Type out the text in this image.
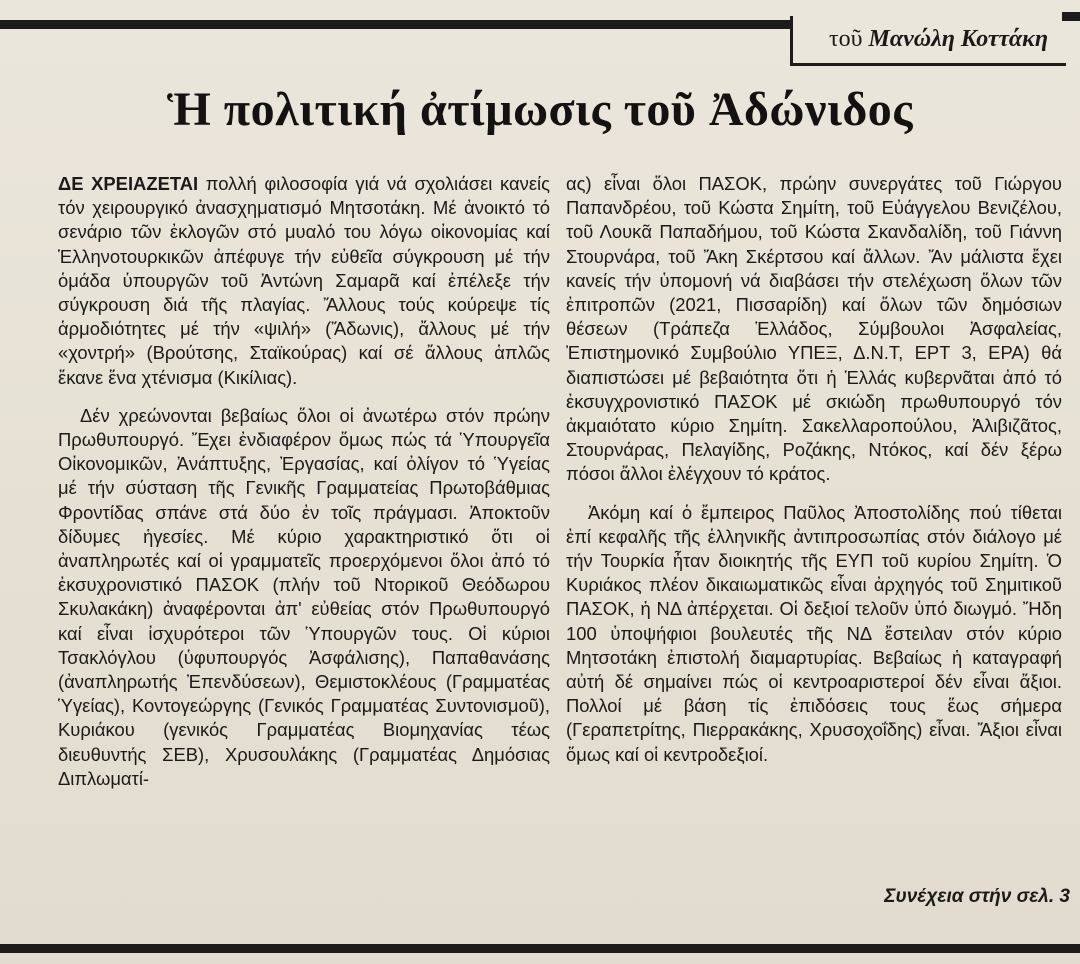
τοῦ Μανώλη Κοττάκη
Ἡ πολιτική ἀτίμωσις τοῦ Ἀδώνιδος

ΔΕ ΧΡΕΙΑΖΕΤΑΙ πολλή φιλοσοφία γιά νά σχολιάσει κανείς τόν χειρουργικό ἀνασχηματισμό Μητσοτάκη. Μέ ἀνοικτό τό σενάριο τῶν ἐκλογῶν στό μυαλό του λόγω οἰκονομίας καί Ἑλληνοτουρκικῶν ἀπέφυγε τήν εὐθεῖα σύγκρουση μέ τήν ὁμάδα ὑπουργῶν τοῦ Ἀντώνη Σαμαρᾶ καί ἐπέλεξε τήν σύγκρουση διά τῆς πλαγίας. Ἄλλους τούς κούρεψε τίς ἁρμοδιότητες μέ τήν «ψιλή» (Ἄδωνις), ἄλλους μέ τήν «χοντρή» (Βρούτσης, Σταϊκούρας) καί σέ ἄλλους ἁπλῶς ἔκανε ἕνα χτένισμα (Κικίλιας).

Δέν χρεώνονται βεβαίως ὅλοι οἱ ἀνωτέρω στόν πρώην Πρωθυπουργό. Ἔχει ἐνδιαφέρον ὅμως πώς τά Ὑπουργεῖα Οἰκονομικῶν, Ἀνάπτυξης, Ἐργασίας, καί ὀλίγον τό Ὑγείας μέ τήν σύσταση τῆς Γενικῆς Γραμματείας Πρωτοβάθμιας Φροντίδας σπάνε στά δύο ἐν τοῖς πράγμασι. Ἀποκτοῦν δίδυμες ἡγεσίες. Μέ κύριο χαρακτηριστικό ὅτι οἱ ἀναπληρωτές καί οἱ γραμματεῖς προερχόμενοι ὅλοι ἀπό τό ἐκσυχρονιστικό ΠΑΣΟΚ (πλήν τοῦ Ντορικοῦ Θεόδωρου Σκυλακάκη) ἀναφέρονται ἀπ' εὐθείας στόν Πρωθυπουργό καί εἶναι ἰσχυρότεροι τῶν Ὑπουργῶν τους. Οἱ κύριοι Τσακλόγλου (ὑφυπουργός Ἀσφάλισης), Παπαθανάσης (ἀναπληρωτής Ἐπενδύσεων), Θεμιστοκλέους (Γραμματέας Ὑγείας), Κοντογεώργης (Γενικός Γραμματέας Συντονισμοῦ), Κυριάκου (γενικός Γραμματέας Βιομηχανίας τέως διευθυντής ΣΕΒ), Χρυσουλάκης (Γραμματέας Δημόσιας Διπλωματί-

ας) εἶναι ὅλοι ΠΑΣΟΚ, πρώην συνεργάτες τοῦ Γιώργου Παπανδρέου, τοῦ Κώστα Σημίτη, τοῦ Εὐάγγελου Βενιζέλου, τοῦ Λουκᾶ Παπαδήμου, τοῦ Κώστα Σκανδαλίδη, τοῦ Γιάννη Στουρνάρα, τοῦ Ἄκη Σκέρτσου καί ἄλλων. Ἄν μάλιστα ἔχει κανείς τήν ὑπομονή νά διαβάσει τήν στελέχωση ὅλων τῶν ἐπιτροπῶν (2021, Πισσαρίδη) καί ὅλων τῶν δημόσιων θέσεων (Τράπεζα Ἑλλάδος, Σύμβουλοι Ἀσφαλείας, Ἐπιστημονικό Συμβούλιο ΥΠΕΞ, Δ.Ν.Τ, ΕΡΤ 3, ΕΡΑ) θά διαπιστώσει μέ βεβαιότητα ὅτι ἡ Ἑλλάς κυβερνᾶται ἀπό τό ἐκσυγχρονιστικό ΠΑΣΟΚ μέ σκιώδη πρωθυπουργό τόν ἀκμαιότατο κύριο Σημίτη. Σακελλαροπούλου, Ἀλιβιζᾶτος, Στουρνάρας, Πελαγίδης, Ροζάκης, Ντόκος, καί δέν ξέρω πόσοι ἄλλοι ἐλέγχουν τό κράτος.

Ἀκόμη καί ὁ ἔμπειρος Παῦλος Ἀποστολίδης πού τίθεται ἐπί κεφαλῆς τῆς ἑλληνικῆς ἀντιπροσωπίας στόν διάλογο μέ τήν Τουρκία ἦταν διοικητής τῆς ΕΥΠ τοῦ κυρίου Σημίτη. Ὁ Κυριάκος πλέον δικαιωματικῶς εἶναι ἀρχηγός τοῦ Σημιτικοῦ ΠΑΣΟΚ, ἡ ΝΔ ἀπέρχεται. Οἱ δεξιοί τελοῦν ὑπό διωγμό. Ἤδη 100 ὑποψήφιοι βουλευτές τῆς ΝΔ ἔστειλαν στόν κύριο Μητσοτάκη ἐπιστολή διαμαρτυρίας. Βεβαίως ἡ καταγραφή αὐτή δέ σημαίνει πώς οἱ κεντροαριστεροί δέν εἶναι ἄξιοι. Πολλοί μέ βάση τίς ἐπιδόσεις τους ἕως σήμερα (Γεραπετρίτης, Πιερρακάκης, Χρυσοχοΐδης) εἶναι. Ἄξιοι εἶναι ὅμως καί οἱ κεντροδεξιοί.

Συνέχεια στήν σελ. 3
